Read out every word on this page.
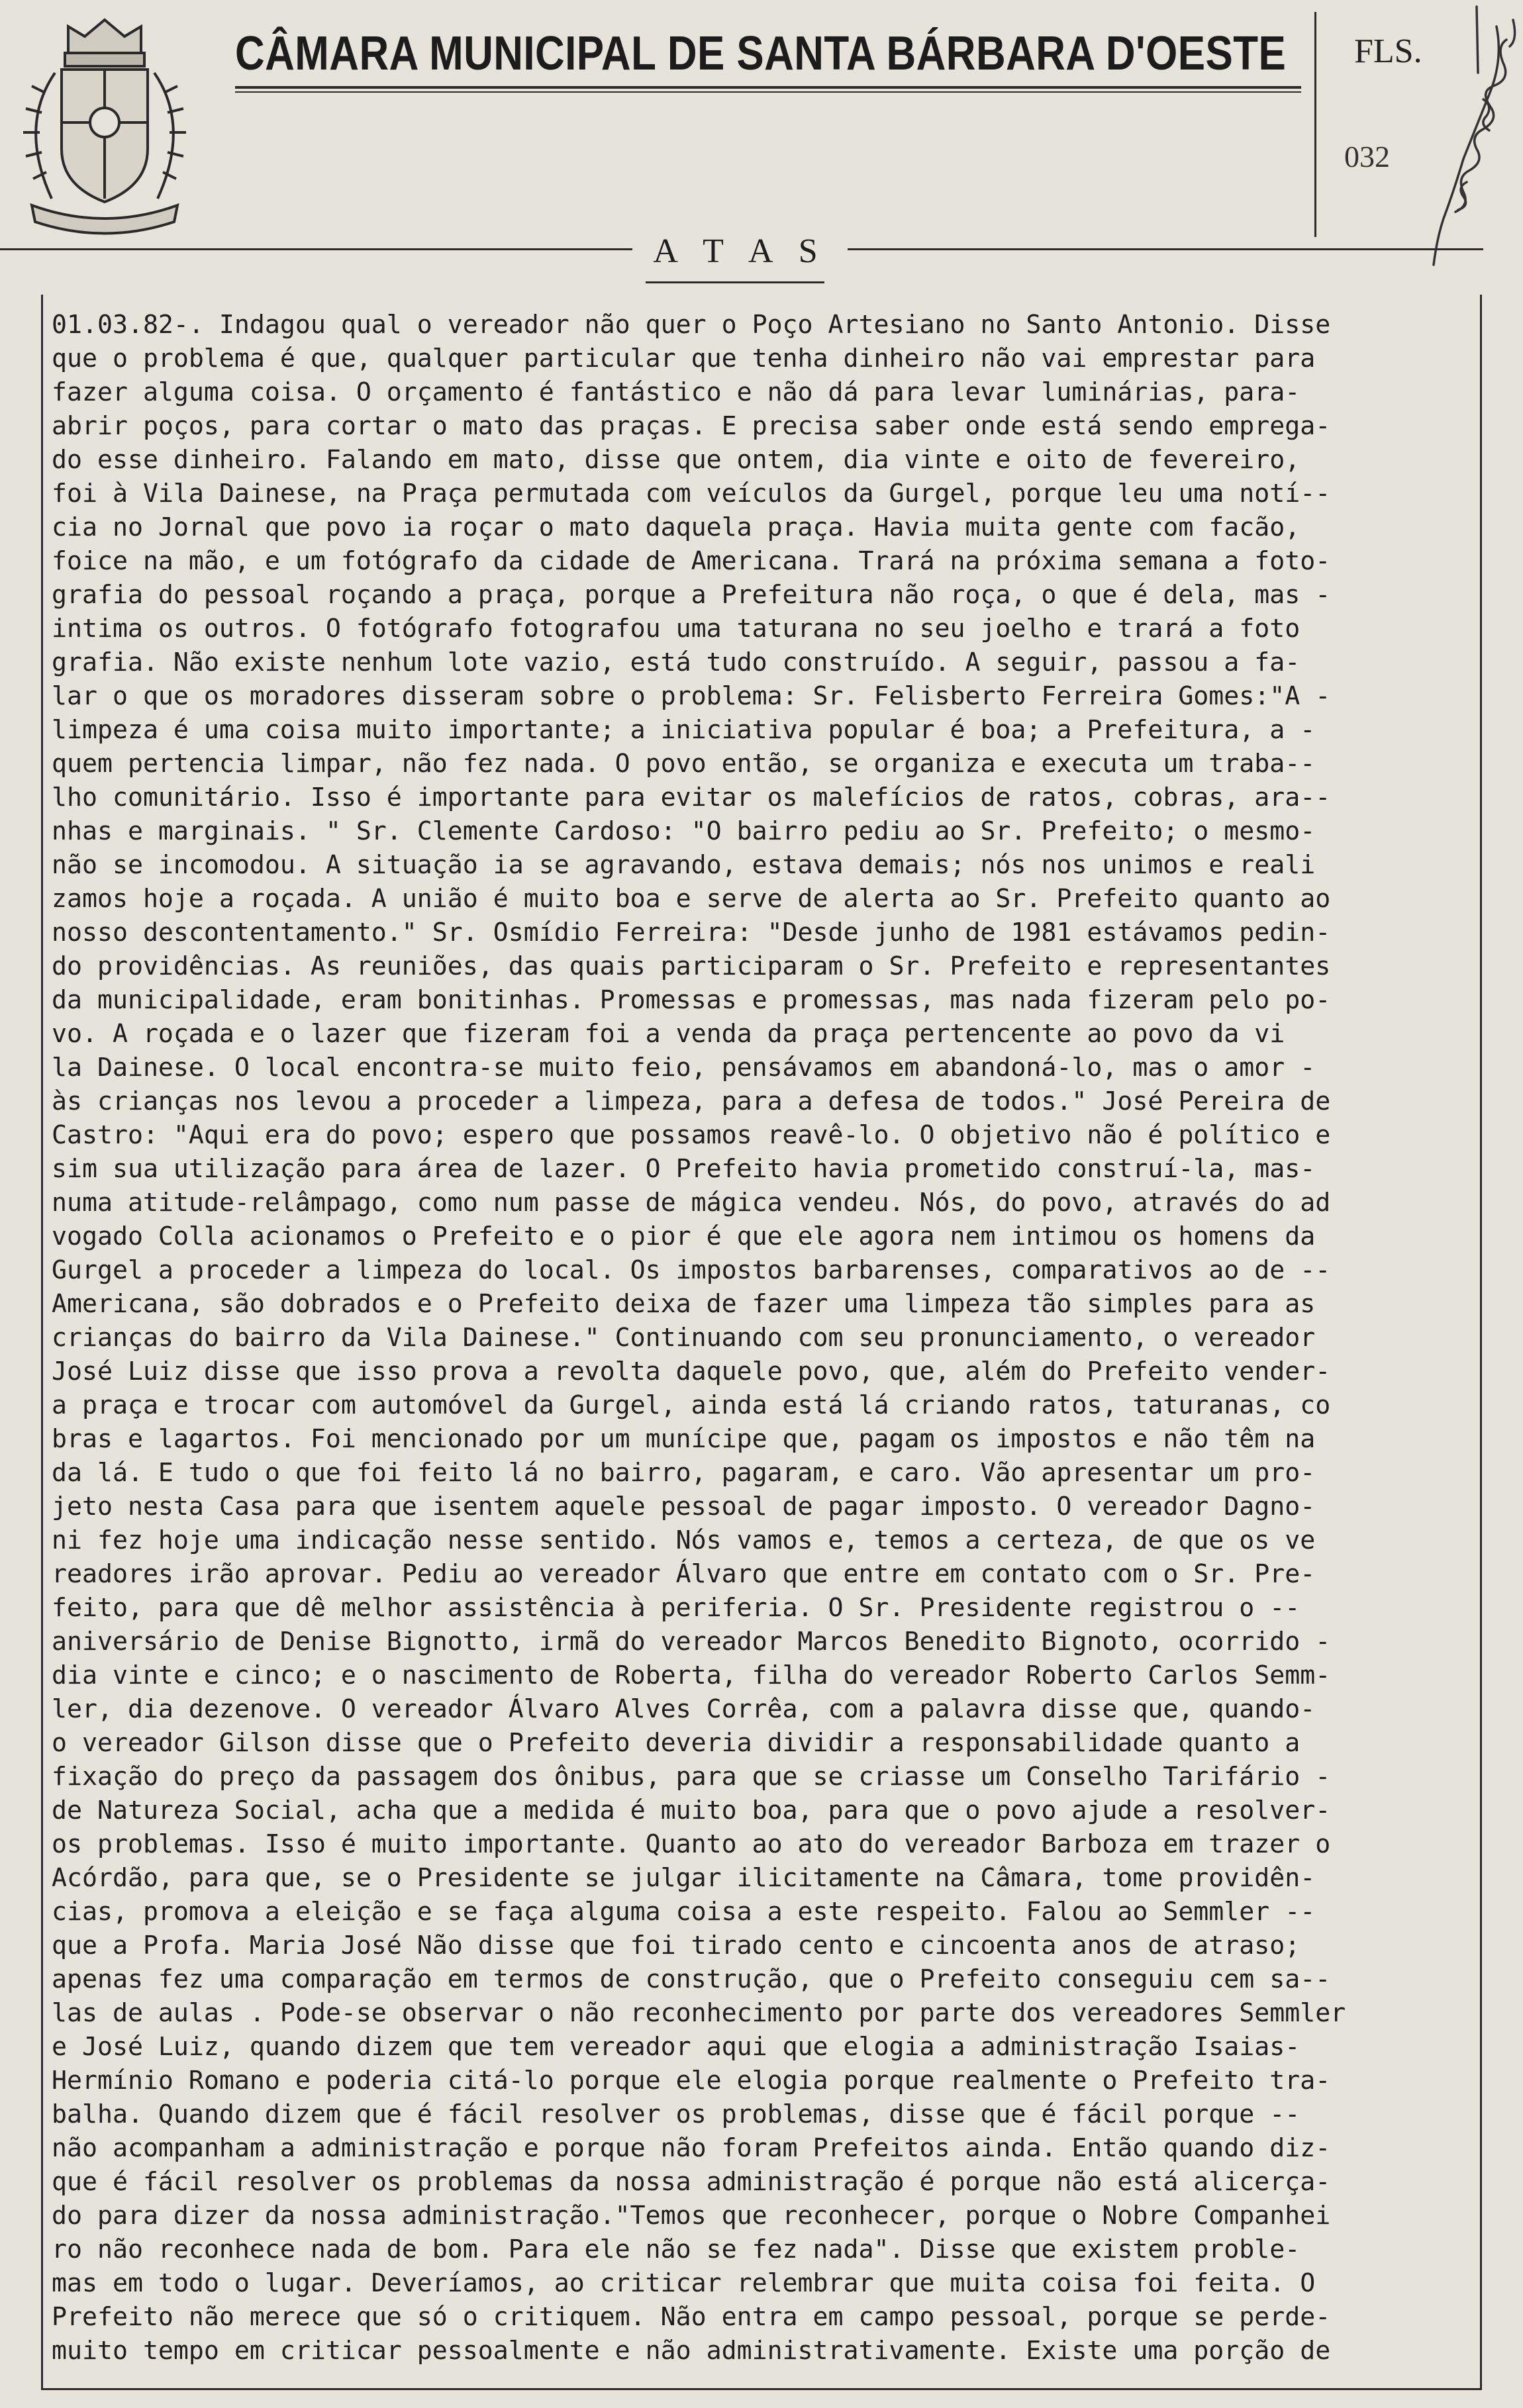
CÂMARA MUNICIPAL DE SANTA BÁRBARA D'OESTE FLS.
032
A T A S
01.03.82-. Indagou qual o vereador não quer o Poço Artesiano no Santo Antonio. Disse
que o problema é que, qualquer particular que tenha dinheiro não vai emprestar para
fazer alguma coisa. O orçamento é fantástico e não dá para levar luminárias, para-
abrir poços, para cortar o mato das praças. E precisa saber onde está sendo emprega-
do esse dinheiro. Falando em mato, disse que ontem, dia vinte e oito de fevereiro,
foi à Vila Dainese, na Praça permutada com veículos da Gurgel, porque leu uma notí--
cia no Jornal que povo ia roçar o mato daquela praça. Havia muita gente com facão,
foice na mão, e um fotógrafo da cidade de Americana. Trará na próxima semana a foto-
grafia do pessoal roçando a praça, porque a Prefeitura não roça, o que é dela, mas -
intima os outros. O fotógrafo fotografou uma taturana no seu joelho e trará a foto
grafia. Não existe nenhum lote vazio, está tudo construído. A seguir, passou a fa-
lar o que os moradores disseram sobre o problema: Sr. Felisberto Ferreira Gomes:"A -
limpeza é uma coisa muito importante; a iniciativa popular é boa; a Prefeitura, a -
quem pertencia limpar, não fez nada. O povo então, se organiza e executa um traba--
lho comunitário. Isso é importante para evitar os malefícios de ratos, cobras, ara--
nhas e marginais. " Sr. Clemente Cardoso: "O bairro pediu ao Sr. Prefeito; o mesmo-
não se incomodou. A situação ia se agravando, estava demais; nós nos unimos e reali
zamos hoje a roçada. A união é muito boa e serve de alerta ao Sr. Prefeito quanto ao
nosso descontentamento." Sr. Osmídio Ferreira: "Desde junho de 1981 estávamos pedin-
do providências. As reuniões, das quais participaram o Sr. Prefeito e representantes
da municipalidade, eram bonitinhas. Promessas e promessas, mas nada fizeram pelo po-
vo. A roçada e o lazer que fizeram foi a venda da praça pertencente ao povo da vi
la Dainese. O local encontra-se muito feio, pensávamos em abandoná-lo, mas o amor -
às crianças nos levou a proceder a limpeza, para a defesa de todos." José Pereira de
Castro: "Aqui era do povo; espero que possamos reavê-lo. O objetivo não é político e
sim sua utilização para área de lazer. O Prefeito havia prometido construí-la, mas-
numa atitude-relâmpago, como num passe de mágica vendeu. Nós, do povo, através do ad
vogado Colla acionamos o Prefeito e o pior é que ele agora nem intimou os homens da
Gurgel a proceder a limpeza do local. Os impostos barbarenses, comparativos ao de --
Americana, são dobrados e o Prefeito deixa de fazer uma limpeza tão simples para as
crianças do bairro da Vila Dainese." Continuando com seu pronunciamento, o vereador
José Luiz disse que isso prova a revolta daquele povo, que, além do Prefeito vender-
a praça e trocar com automóvel da Gurgel, ainda está lá criando ratos, taturanas, co
bras e lagartos. Foi mencionado por um munícipe que, pagam os impostos e não têm na
da lá. E tudo o que foi feito lá no bairro, pagaram, e caro. Vão apresentar um pro-
jeto nesta Casa para que isentem aquele pessoal de pagar imposto. O vereador Dagno-
ni fez hoje uma indicação nesse sentido. Nós vamos e, temos a certeza, de que os ve
readores irão aprovar. Pediu ao vereador Álvaro que entre em contato com o Sr. Pre-
feito, para que dê melhor assistência à periferia. O Sr. Presidente registrou o --
aniversário de Denise Bignotto, irmã do vereador Marcos Benedito Bignoto, ocorrido -
dia vinte e cinco; e o nascimento de Roberta, filha do vereador Roberto Carlos Semm-
ler, dia dezenove. O vereador Álvaro Alves Corrêa, com a palavra disse que, quando-
o vereador Gilson disse que o Prefeito deveria dividir a responsabilidade quanto a
fixação do preço da passagem dos ônibus, para que se criasse um Conselho Tarifário -
de Natureza Social, acha que a medida é muito boa, para que o povo ajude a resolver-
os problemas. Isso é muito importante. Quanto ao ato do vereador Barboza em trazer o
Acórdão, para que, se o Presidente se julgar ilicitamente na Câmara, tome providên-
cias, promova a eleição e se faça alguma coisa a este respeito. Falou ao Semmler --
que a Profa. Maria José Não disse que foi tirado cento e cincoenta anos de atraso;
apenas fez uma comparação em termos de construção, que o Prefeito conseguiu cem sa--
las de aulas . Pode-se observar o não reconhecimento por parte dos vereadores Semmler
e José Luiz, quando dizem que tem vereador aqui que elogia a administração Isaias-
Hermínio Romano e poderia citá-lo porque ele elogia porque realmente o Prefeito tra-
balha. Quando dizem que é fácil resolver os problemas, disse que é fácil porque --
não acompanham a administração e porque não foram Prefeitos ainda. Então quando diz-
que é fácil resolver os problemas da nossa administração é porque não está alicerça-
do para dizer da nossa administração."Temos que reconhecer, porque o Nobre Companhei
ro não reconhece nada de bom. Para ele não se fez nada". Disse que existem proble-
mas em todo o lugar. Deveríamos, ao criticar relembrar que muita coisa foi feita. O
Prefeito não merece que só o critiquem. Não entra em campo pessoal, porque se perde-
muito tempo em criticar pessoalmente e não administrativamente. Existe uma porção de
